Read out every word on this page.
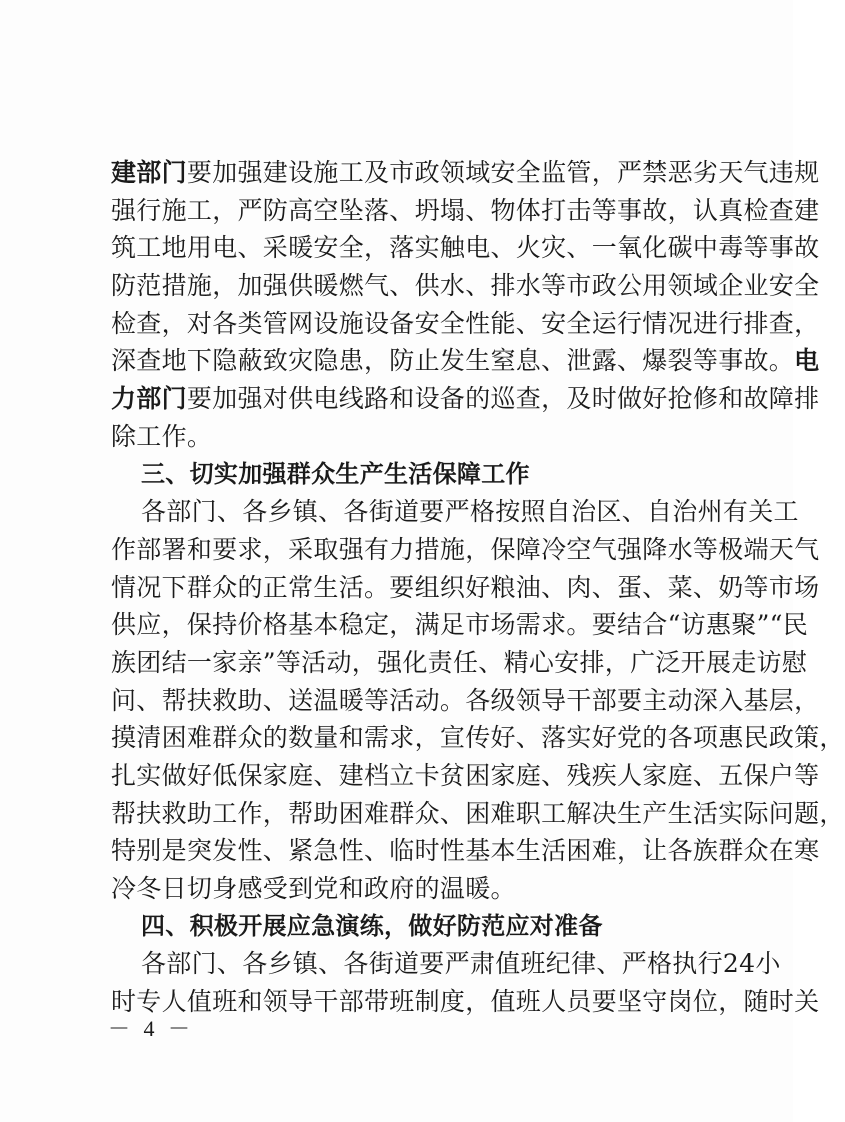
建部门要加强建设施工及市政领域安全监管，严禁恶劣天气违规
强行施工，严防高空坠落、坍塌、物体打击等事故，认真检查建
筑工地用电、采暖安全，落实触电、火灾、一氧化碳中毒等事故
防范措施，加强供暖燃气、供水、排水等市政公用领域企业安全
检查，对各类管网设施设备安全性能、安全运行情况进行排查，
深查地下隐蔽致灾隐患，防止发生窒息、泄露、爆裂等事故。电
力部门要加强对供电线路和设备的巡查，及时做好抢修和故障排
除工作。
三、切实加强群众生产生活保障工作
各部门、各乡镇、各街道要严格按照自治区、自治州有关工
作部署和要求，采取强有力措施，保障冷空气强降水等极端天气
情况下群众的正常生活。要组织好粮油、肉、蛋、菜、奶等市场
供应，保持价格基本稳定，满足市场需求。要结合“访惠聚”“民
族团结一家亲”等活动，强化责任、精心安排，广泛开展走访慰
问、帮扶救助、送温暖等活动。各级领导干部要主动深入基层，
摸清困难群众的数量和需求，宣传好、落实好党的各项惠民政策，
扎实做好低保家庭、建档立卡贫困家庭、残疾人家庭、五保户等
帮扶救助工作，帮助困难群众、困难职工解决生产生活实际问题，
特别是突发性、紧急性、临时性基本生活困难，让各族群众在寒
冷冬日切身感受到党和政府的温暖。
四、积极开展应急演练，做好防范应对准备
各部门、各乡镇、各街道要严肃值班纪律、严格执行24小
时专人值班和领导干部带班制度，值班人员要坚守岗位，随时关
－ 4 －
